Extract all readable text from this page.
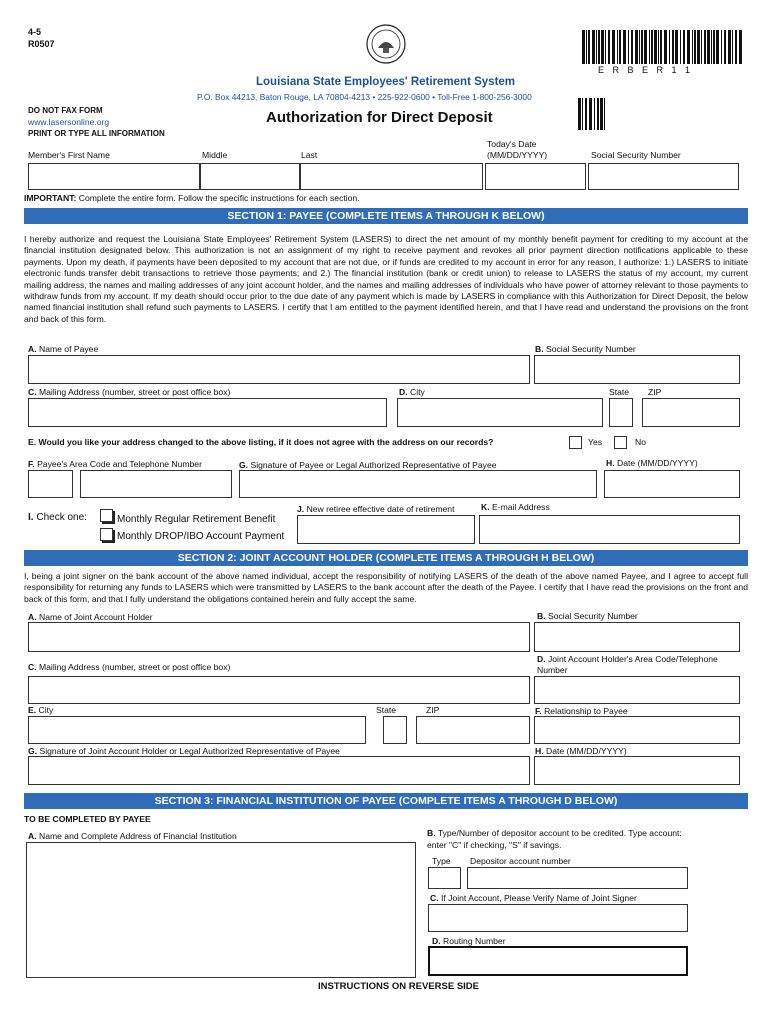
4-5
R0507
E R B E R 1 1
Louisiana State Employees' Retirement System
P.O. Box 44213, Baton Rouge, LA 70804-4213 • 225-922-0600 • Toll-Free 1-800-256-3000
DO NOT FAX FORM
www.lasersonline.org
PRINT OR TYPE ALL INFORMATION
Authorization for Direct Deposit
Member's First Name	Middle	Last
Today's Date
(MM/DD/YYYY)	Social Security Number
IMPORTANT: Complete the entire form. Follow the specific instructions for each section.
SECTION 1: PAYEE (COMPLETE ITEMS A THROUGH K BELOW)
I hereby authorize and request the Louisiana State Employees' Retirement System (LASERS) to direct the net amount of my monthly benefit payment for crediting to my account at the financial institution designated below. This authorization is not an assignment of my right to receive payment and revokes all prior payment direction notifications applicable to these payments. Upon my death, if payments have been deposited to my account that are not due, or if funds are credited to my account in error for any reason, I authorize: 1.) LASERS to initiate electronic funds transfer debit transactions to retrieve those payments; and 2.) The financial institution (bank or credit union) to release to LASERS the status of my account, my current mailing address, the names and mailing addresses of any joint account holder, and the names and mailing addresses of individuals who have power of attorney relevant to those payments to withdraw funds from my account. If my death should occur prior to the due date of any payment which is made by LASERS in compliance with this Authorization for Direct Deposit, the below named financial institution shall refund such payments to LASERS. I certify that I am entitled to the payment identified herein, and that I have read and understand the provisions on the front and back of this form.
A. Name of Payee	B. Social Security Number
C. Mailing Address (number, street or post office box)	D. City	State ZIP
E. Would you like your address changed to the above listing, if it does not agree with the address on our records?	Yes	No
F. Payee's Area Code and Telephone Number	G. Signature of Payee or Legal Authorized Representative of Payee	H. Date (MM/DD/YYYY)
J. New retiree effective date of retirement	K. E-mail Address
I. Check one:	Monthly Regular Retirement Benefit
Monthly DROP/IBO Account Payment
SECTION 2: JOINT ACCOUNT HOLDER (COMPLETE ITEMS A THROUGH H BELOW)
I, being a joint signer on the bank account of the above named individual, accept the responsibility of notifying LASERS of the death of the above named Payee, and I agree to accept full responsibility for returning any funds to LASERS which were transmitted by LASERS to the bank account after the death of the Payee. I certify that I have read the provisions on the front and back of this form, and that I fully understand the obligations contained herein and fully accept the same.
A. Name of Joint Account Holder	B. Social Security Number
C. Mailing Address (number, street or post office box)
D. Joint Account Holder's Area Code/Telephone
Number
E. City	State	ZIP	F. Relationship to Payee
G. Signature of Joint Account Holder or Legal Authorized Representative of Payee	H. Date (MM/DD/YYYY)
SECTION 3: FINANCIAL INSTITUTION OF PAYEE (COMPLETE ITEMS A THROUGH D BELOW)
TO BE COMPLETED BY PAYEE
A. Name and Complete Address of Financial Institution	B. Type/Number of depositor account to be credited. Type account:
enter "C" if checking, "S" if savings.
Type Depositor account number
C. If Joint Account, Please Verify Name of Joint Signer
D. Routing Number
INSTRUCTIONS ON REVERSE SIDE
